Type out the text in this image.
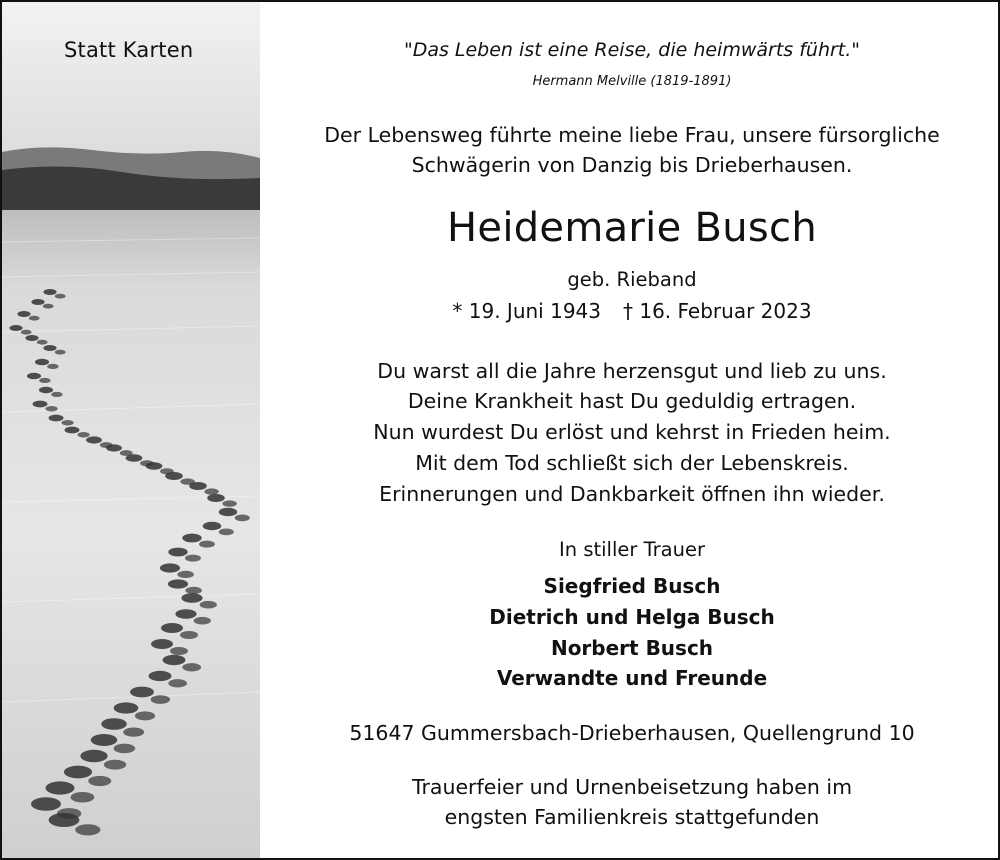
Statt Karten	"Das Leben ist eine Reise, die heimwärts führt."
Hermann Melville (1819-1891)
Der Lebensweg führte meine liebe Frau, unsere fürsorgliche
Schwägerin von Danzig bis Drieberhausen.
Heidemarie Busch
geb. Rieband
* 19. Juni 1943 † 16. Februar 2023
Du warst all die Jahre herzensgut und lieb zu uns.
Deine Krankheit hast Du geduldig ertragen.
Nun wurdest Du erlöst und kehrst in Frieden heim.
Mit dem Tod schließt sich der Lebenskreis.
Erinnerungen und Dankbarkeit öffnen ihn wieder.
In stiller Trauer
Siegfried Busch
Dietrich und Helga Busch
Norbert Busch
Verwandte und Freunde
51647 Gummersbach-Drieberhausen, Quellengrund 10
Trauerfeier und Urnenbeisetzung haben im
engsten Familienkreis stattgefunden
